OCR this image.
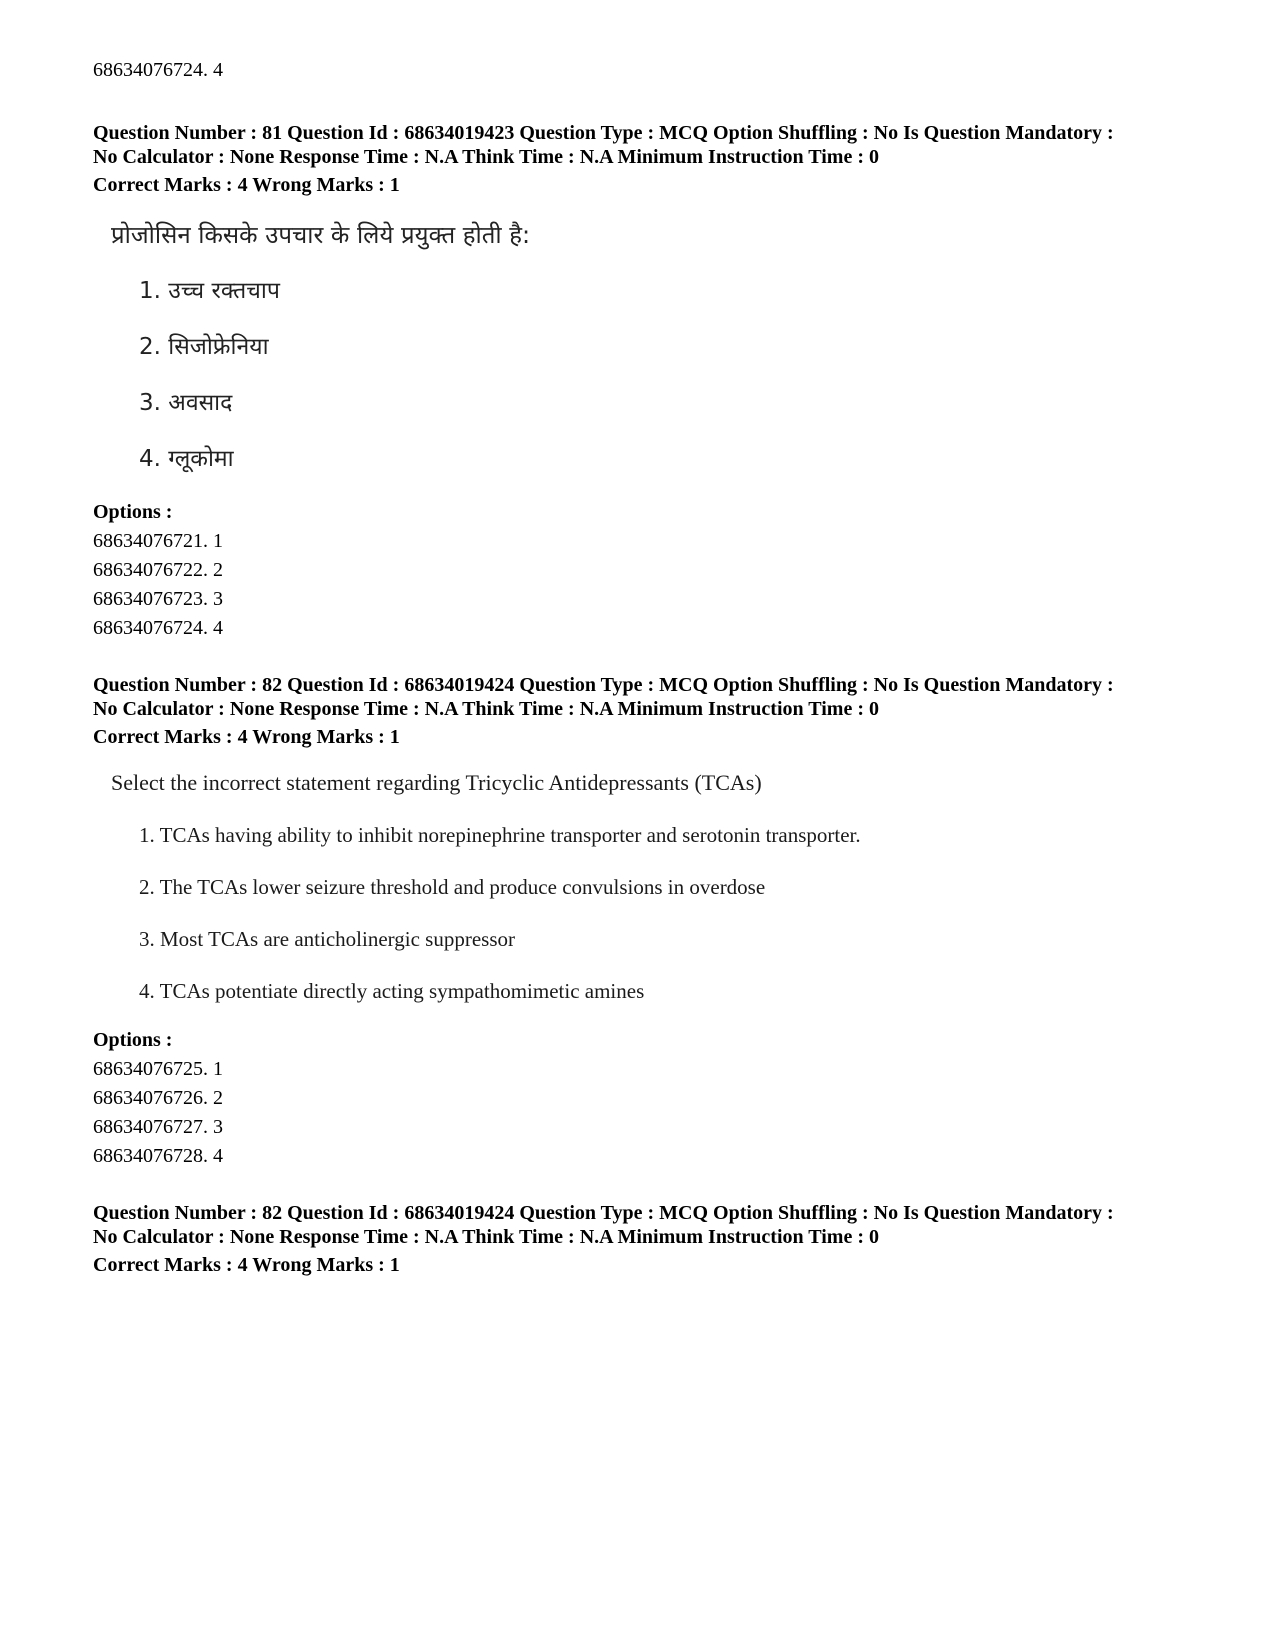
68634076724. 4
Question Number : 81 Question Id : 68634019423 Question Type : MCQ Option Shuffling : No Is Question Mandatory :
No Calculator : None Response Time : N.A Think Time : N.A Minimum Instruction Time : 0
Correct Marks : 4 Wrong Marks : 1
प्रोजोसिन किसके उपचार के लिये प्रयुक्त होती है:
1. उच्च रक्तचाप
2. सिजोफ्रेनिया
3. अवसाद
4. ग्लूकोमा
Options :
68634076721. 1
68634076722. 2
68634076723. 3
68634076724. 4
Question Number : 82 Question Id : 68634019424 Question Type : MCQ Option Shuffling : No Is Question Mandatory :
No Calculator : None Response Time : N.A Think Time : N.A Minimum Instruction Time : 0
Correct Marks : 4 Wrong Marks : 1
Select the incorrect statement regarding Tricyclic Antidepressants (TCAs)
1. TCAs having ability to inhibit norepinephrine transporter and serotonin transporter.
2. The TCAs lower seizure threshold and produce convulsions in overdose
3. Most TCAs are anticholinergic suppressor
4. TCAs potentiate directly acting sympathomimetic amines
Options :
68634076725. 1
68634076726. 2
68634076727. 3
68634076728. 4
Question Number : 82 Question Id : 68634019424 Question Type : MCQ Option Shuffling : No Is Question Mandatory :
No Calculator : None Response Time : N.A Think Time : N.A Minimum Instruction Time : 0
Correct Marks : 4 Wrong Marks : 1
